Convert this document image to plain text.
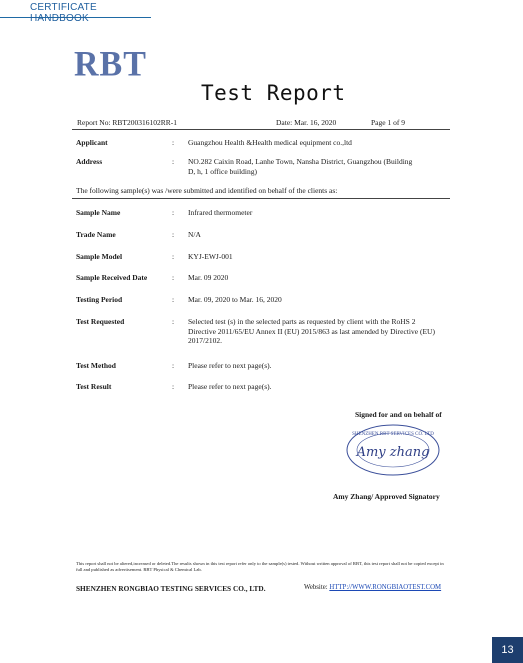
CERTIFICATE HANDBOOK
RBT
Test Report
Report No: RBT200316102RR-1	Date: Mar. 16, 2020	Page 1 of 9
Applicant	: Guangzhou Health &Health medical equipment co.,ltd
Address	: NO.282 Caixin Road, Lanhe Town, Nansha District, Guangzhou (Building D, h, 1 office building)
The following sample(s) was /were submitted and identified on behalf of the clients as:
Sample Name	: Infrared thermometer
Trade Name	: N/A
Sample Model	: KYJ-EWJ-001
Sample Received Date	: Mar. 09 2020
Testing Period	: Mar. 09, 2020 to Mar. 16, 2020
Test Requested	: Selected test (s) in the selected parts as requested by client with the RoHS 2 Directive 2011/65/EU Annex II (EU) 2015/863 as last amended by Directive (EU) 2017/2102.
Test Method	: Please refer to next page(s).
Test Result	: Please refer to next page(s).
Signed for and on behalf of
SHENZHEN RBT SERVICES CO. LTD
Amy zhang
Amy Zhang/ Approved Signatory
This report shall not be altered,increased or deleted.The results shown in this test report refer only to the sample(s) tested. Without written approval of RBT, this test report shall not be copied except in full and published as advertisement. RBT Physical & Chemical Lab.
SHENZHEN RONGBIAO TESTING SERVICES CO., LTD.	Website: HTTP://WWW.RONGBIAOTEST.COM
13
